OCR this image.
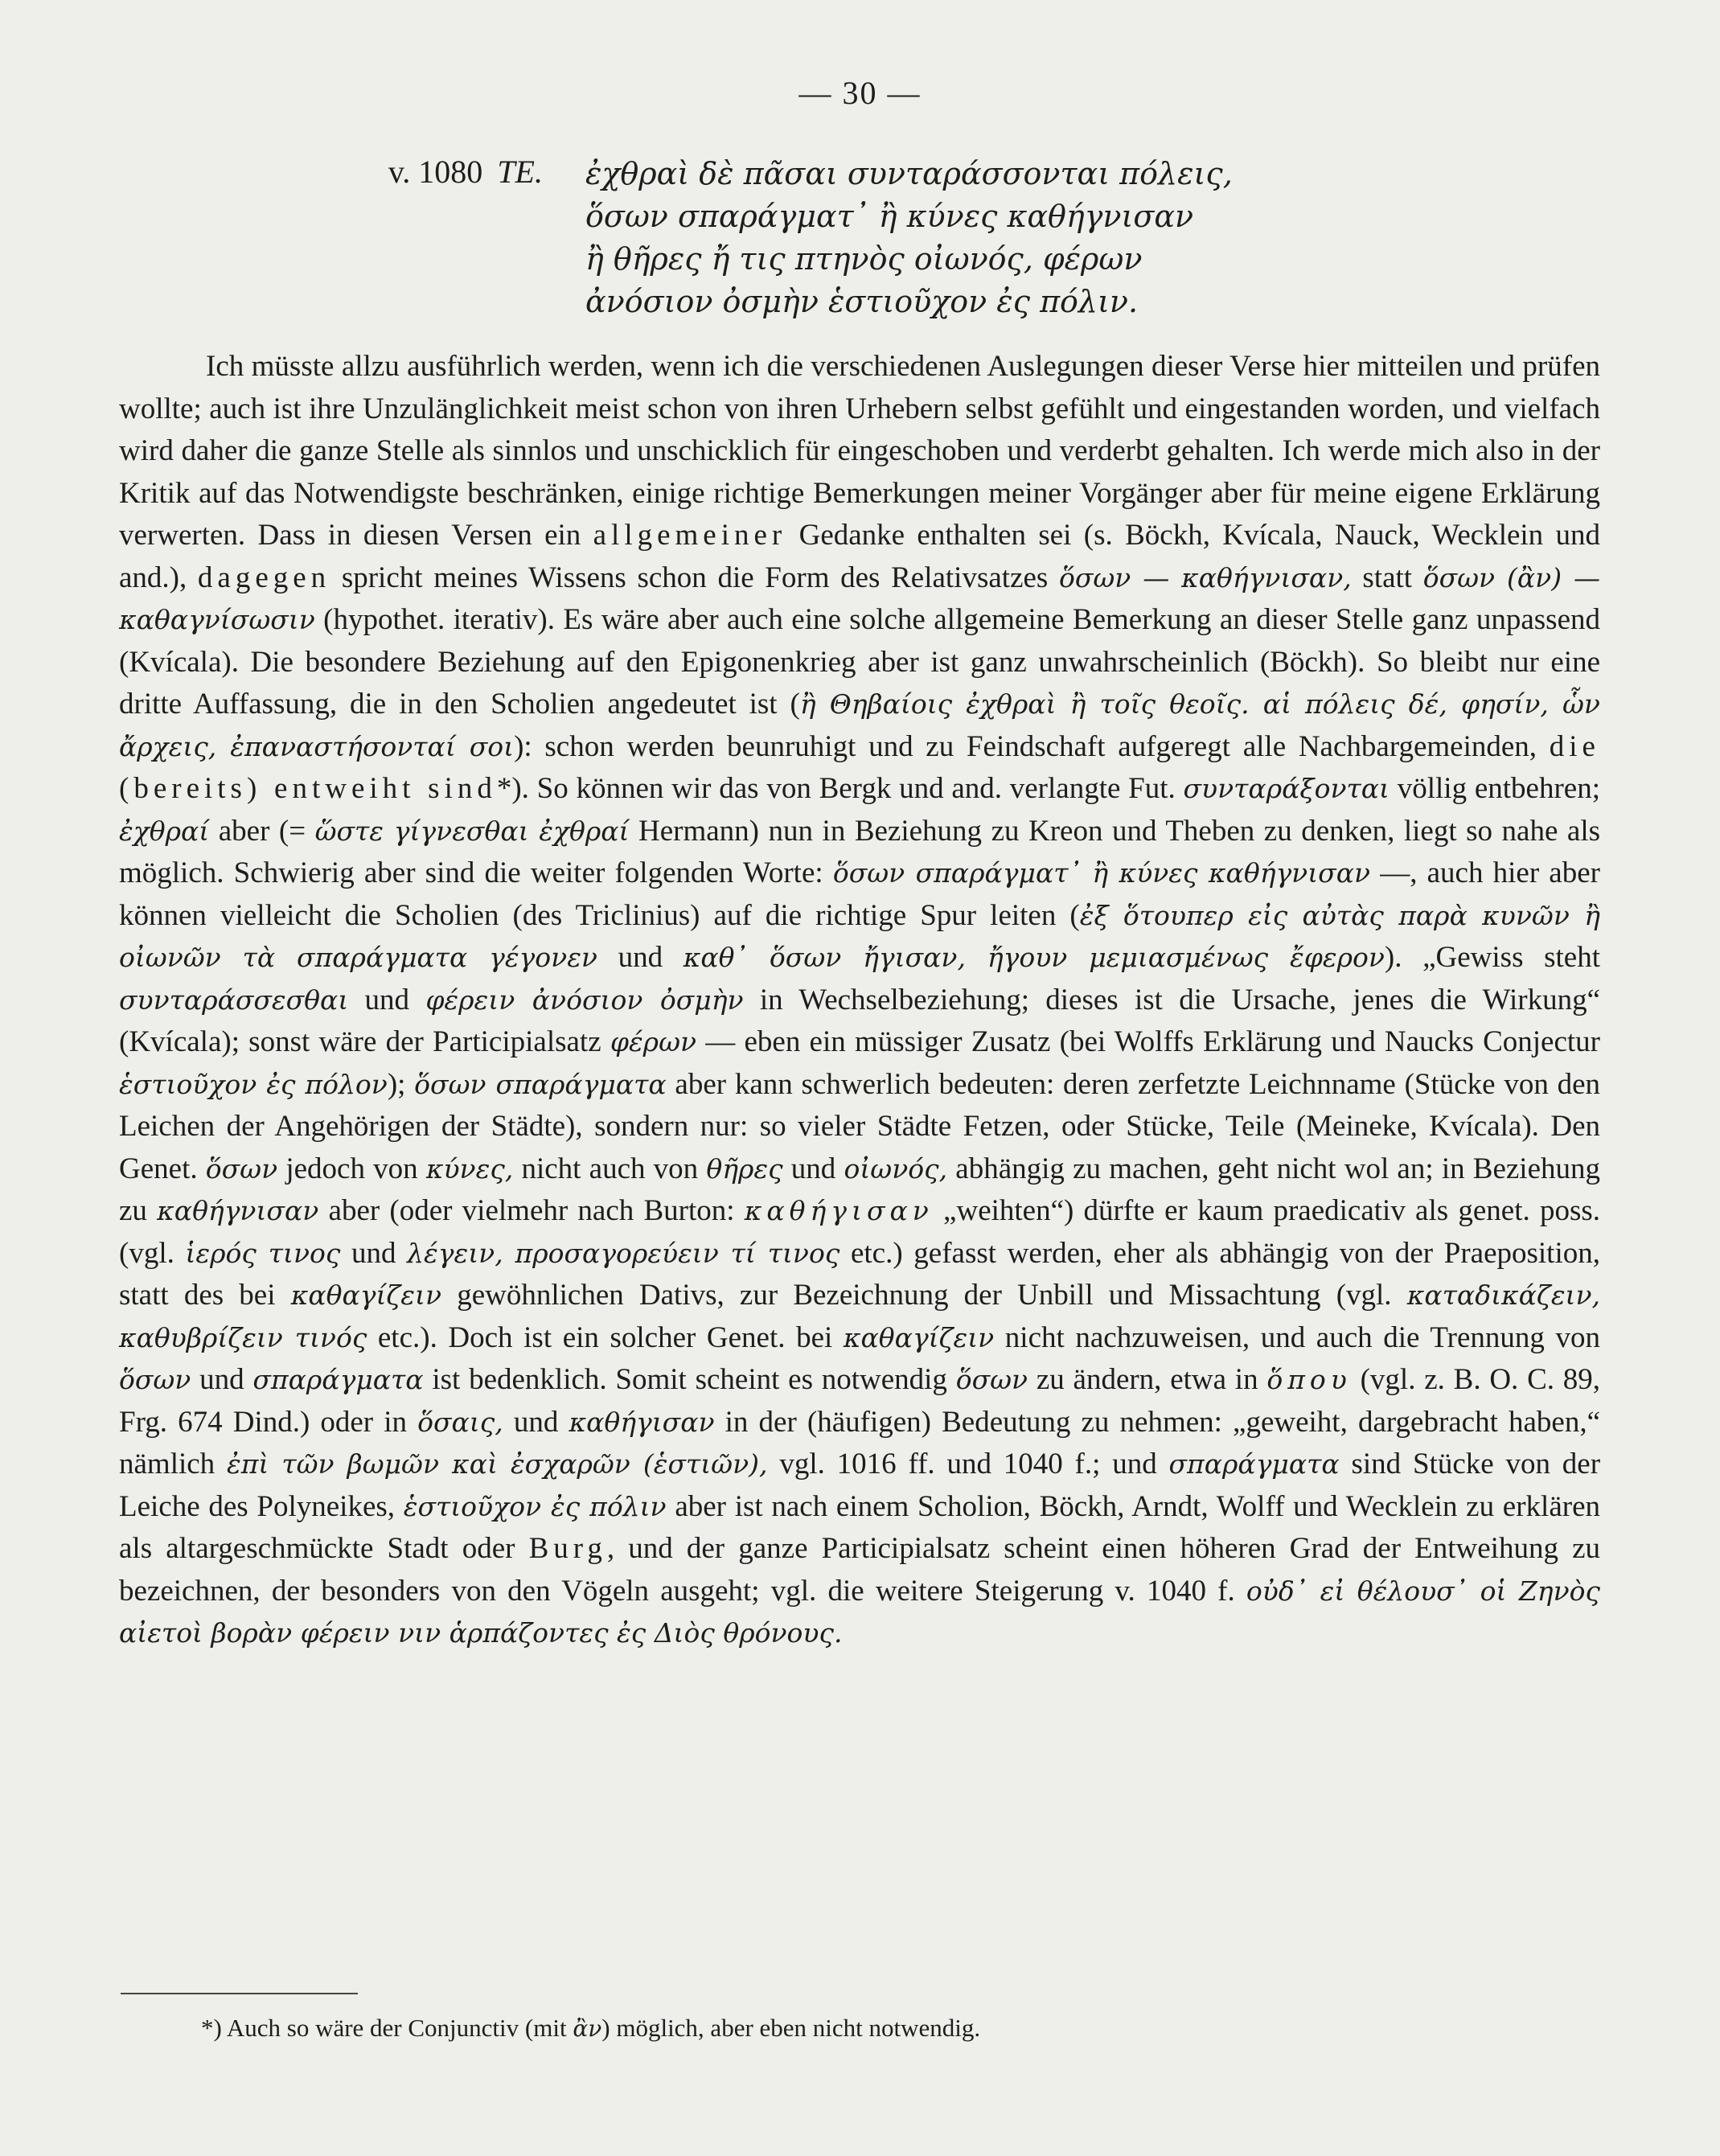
— 30 —
v. 1080 TE. ἐχθραὶ δὲ πᾶσαι συνταράσσονται πόλεις,
ὅσων σπαράγματ᾿ ἢ κύνες καθήγνισαν
ἢ θῆρες ἤ τις πτηνὸς οἰωνός, φέρων
ἀνόσιον ὀσμὴν ἑστιοῦχον ἐς πόλιν.
Ich müsste allzu ausführlich werden, wenn ich die verschiedenen Auslegungen dieser Verse hier mitteilen und prüfen wollte; auch ist ihre Unzulänglichkeit meist schon von ihren Urhebern selbst gefühlt und eingestanden worden, und vielfach wird daher die ganze Stelle als sinnlos und unschicklich für eingeschoben und verderbt gehalten. Ich werde mich also in der Kritik auf das Notwendigste beschränken, einige richtige Bemerkungen meiner Vorgänger aber für meine eigene Erklärung verwerten. Dass in diesen Versen ein allgemeiner Gedanke enthalten sei (s. Böckh, Kvícala, Nauck, Wecklein und and.), dagegen spricht meines Wissens schon die Form des Relativsatzes ὅσων — καθήγνισαν, statt ὅσων (ἂν) — καθαγνίσωσιν (hypothet. iterativ). Es wäre aber auch eine solche allgemeine Bemerkung an dieser Stelle ganz unpassend (Kvícala). Die besondere Beziehung auf den Epigonenkrieg aber ist ganz unwahrscheinlich (Böckh). So bleibt nur eine dritte Auffassung, die in den Scholien angedeutet ist (ἢ Θηβαίοις ἐχθραὶ ἢ τοῖς θεοῖς. αἱ πόλεις δέ, φησίν, ὧν ἄρχεις, ἐπαναστήσονταί σοι): schon werden beunruhigt und zu Feindschaft aufgeregt alle Nachbargemeinden, die (bereits) entweiht sind*). So können wir das von Bergk und and. verlangte Fut. συνταράξονται völlig entbehren; ἐχθραί aber (= ὥστε γίγνεσθαι ἐχθραί Hermann) nun in Beziehung zu Kreon und Theben zu denken, liegt so nahe als möglich. Schwierig aber sind die weiter folgenden Worte: ὅσων σπαράγματ᾿ ἢ κύνες καθήγνισαν —, auch hier aber können vielleicht die Scholien (des Triclinius) auf die richtige Spur leiten (ἐξ ὅτουπερ εἰς αὐτὰς παρὰ κυνῶν ἢ οἰωνῶν τὰ σπαράγματα γέγονεν und καθ᾿ ὅσων ἤγισαν, ἤγουν μεμιασμένως ἔφερον). „Gewiss steht συνταράσσεσθαι und φέρειν ἀνόσιον ὀσμὴν in Wechselbeziehung; dieses ist die Ursache, jenes die Wirkung“ (Kvícala); sonst wäre der Participialsatz φέρων — eben ein müssiger Zusatz (bei Wolffs Erklärung und Naucks Conjectur ἑστιοῦχον ἐς πόλον); ὅσων σπαράγματα aber kann schwerlich bedeuten: deren zerfetzte Leichnname (Stücke von den Leichen der Angehörigen der Städte), sondern nur: so vieler Städte Fetzen, oder Stücke, Teile (Meineke, Kvícala). Den Genet. ὅσων jedoch von κύνες, nicht auch von θῆρες und οἰωνός, abhängig zu machen, geht nicht wol an; in Beziehung zu καθήγνισαν aber (oder vielmehr nach Burton: καθήγισαν „weihten“) dürfte er kaum praedicativ als genet. poss. (vgl. ἱερός τινος und λέγειν, προσαγορεύειν τί τινος etc.) gefasst werden, eher als abhängig von der Praeposition, statt des bei καθαγίζειν gewöhnlichen Dativs, zur Bezeichnung der Unbill und Missachtung (vgl. καταδικάζειν, καθυβρίζειν τινός etc.). Doch ist ein solcher Genet. bei καθαγίζειν nicht nachzuweisen, und auch die Trennung von ὅσων und σπαράγματα ist bedenklich. Somit scheint es notwendig ὅσων zu ändern, etwa in ὅπου (vgl. z. B. O. C. 89, Frg. 674 Dind.) oder in ὅσαις, und καθήγισαν in der (häufigen) Bedeutung zu nehmen: „geweiht, dargebracht haben,“ nämlich ἐπὶ τῶν βωμῶν καὶ ἐσχαρῶν (ἑστιῶν), vgl. 1016 ff. und 1040 f.; und σπαράγματα sind Stücke von der Leiche des Polyneikes, ἑστιοῦχον ἐς πόλιν aber ist nach einem Scholion, Böckh, Arndt, Wolff und Wecklein zu erklären als altargeschmückte Stadt oder Burg, und der ganze Participialsatz scheint einen höheren Grad der Entweihung zu bezeichnen, der besonders von den Vögeln ausgeht; vgl. die weitere Steigerung v. 1040 f. οὐδ᾿ εἰ θέλουσ᾿ οἱ Ζηνὸς αἰετοὶ βορὰν φέρειν νιν ἁρπάζοντες ἐς Διὸς θρόνους.
*) Auch so wäre der Conjunctiv (mit ἂν) möglich, aber eben nicht notwendig.
